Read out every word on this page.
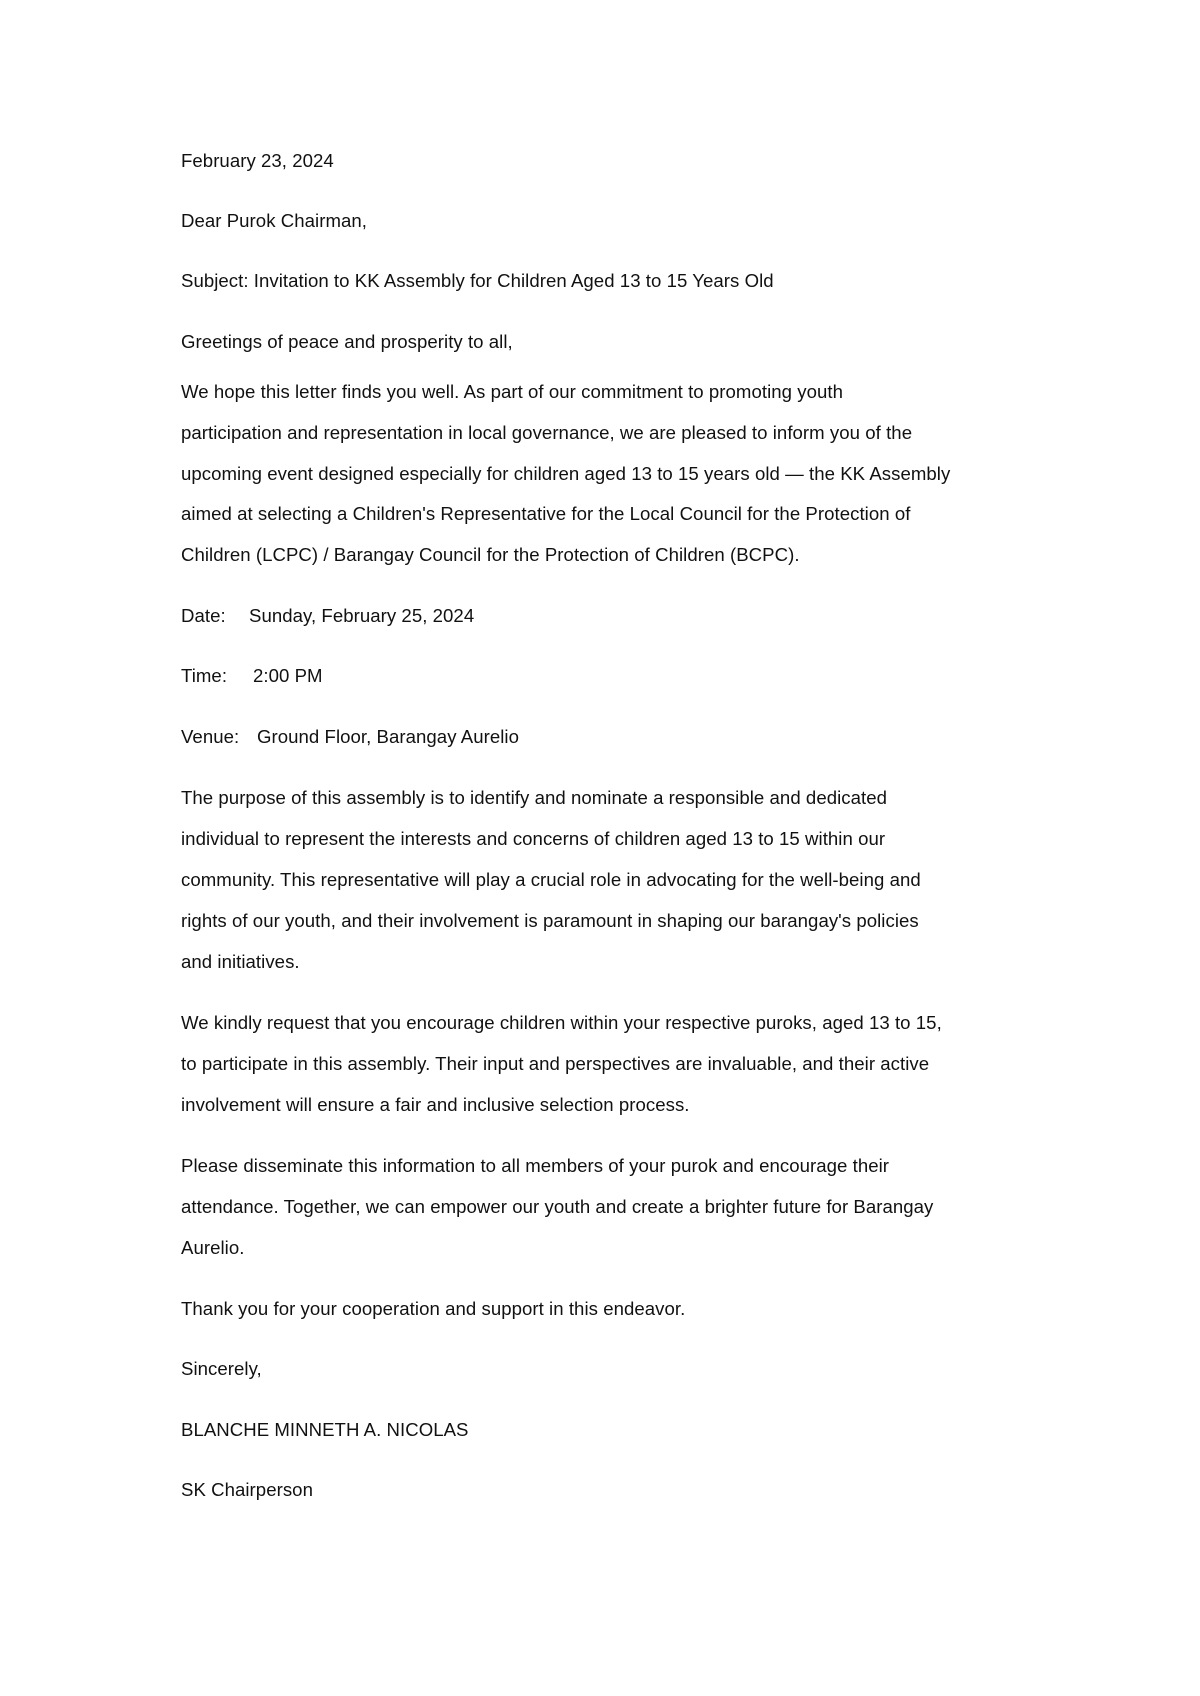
February 23, 2024
Dear Purok Chairman,
Subject: Invitation to KK Assembly for Children Aged 13 to 15 Years Old
Greetings of peace and prosperity to all,
We hope this letter finds you well. As part of our commitment to promoting youth
participation and representation in local governance, we are pleased to inform you of the
upcoming event designed especially for children aged 13 to 15 years old — the KK Assembly
aimed at selecting a Children's Representative for the Local Council for the Protection of
Children (LCPC) / Barangay Council for the Protection of Children (BCPC).
Date: Sunday, February 25, 2024
Time: 2:00 PM
Venue: Ground Floor, Barangay Aurelio
The purpose of this assembly is to identify and nominate a responsible and dedicated
individual to represent the interests and concerns of children aged 13 to 15 within our
community. This representative will play a crucial role in advocating for the well-being and
rights of our youth, and their involvement is paramount in shaping our barangay's policies
and initiatives.
We kindly request that you encourage children within your respective puroks, aged 13 to 15,
to participate in this assembly. Their input and perspectives are invaluable, and their active
involvement will ensure a fair and inclusive selection process.
Please disseminate this information to all members of your purok and encourage their
attendance. Together, we can empower our youth and create a brighter future for Barangay
Aurelio.
Thank you for your cooperation and support in this endeavor.
Sincerely,
BLANCHE MINNETH A. NICOLAS
SK Chairperson
